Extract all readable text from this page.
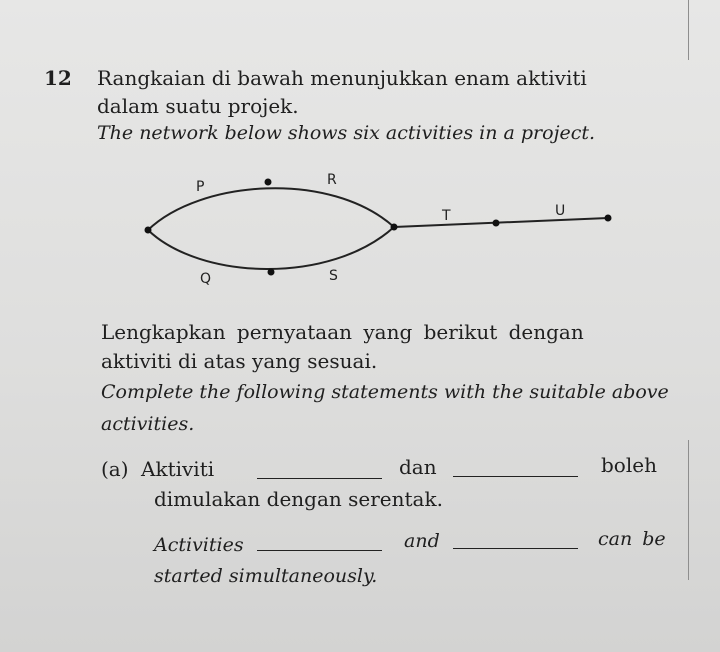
12 Rangkaian di bawah menunjukkan enam aktiviti
dalam suatu projek.
The network below shows six activities in a project.
P	R
T	U
Q	S
Lengkapkan pernyataan yang berikut dengan
aktiviti di atas yang sesuai.
Complete the following statements with the suitable above
activities.
(a) Aktiviti	dan	boleh
dimulakan dengan serentak.
Activities	and	can be
started simultaneously.
